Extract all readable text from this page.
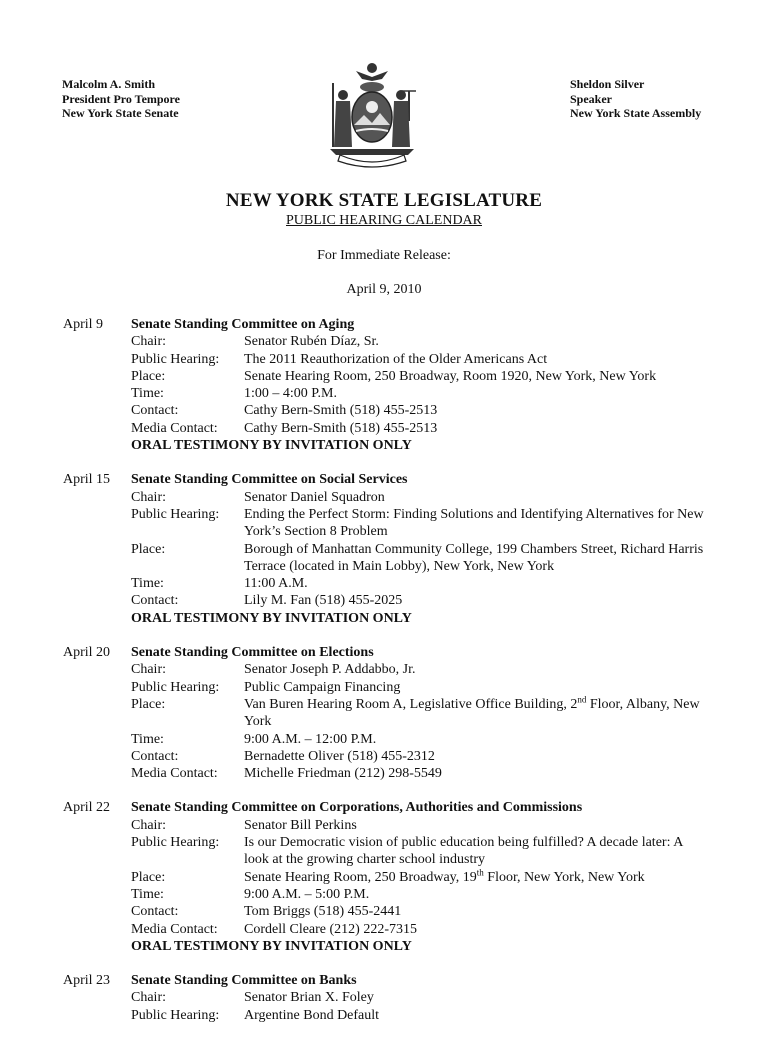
Malcolm A. Smith
President Pro Tempore
New York State Senate
Sheldon Silver
Speaker
New York State Assembly
NEW YORK STATE LEGISLATURE
PUBLIC HEARING CALENDAR
For Immediate Release:
April 9, 2010
April 9 Senate Standing Committee on Aging
Chair:	Senator Rubén Díaz, Sr.
Public Hearing:	The 2011 Reauthorization of the Older Americans Act
Place:	Senate Hearing Room, 250 Broadway, Room 1920, New York, New York
Time:	1:00 – 4:00 P.M.
Contact:	Cathy Bern-Smith (518) 455-2513
Media Contact:	Cathy Bern-Smith (518) 455-2513
ORAL TESTIMONY BY INVITATION ONLY
April 15 Senate Standing Committee on Social Services
Chair:	Senator Daniel Squadron
Public Hearing:	Ending the Perfect Storm: Finding Solutions and Identifying Alternatives for New York’s Section 8 Problem
Place:	Borough of Manhattan Community College, 199 Chambers Street, Richard Harris Terrace (located in Main Lobby), New York, New York
Time:	11:00 A.M.
Contact:	Lily M. Fan (518) 455-2025
ORAL TESTIMONY BY INVITATION ONLY
April 20 Senate Standing Committee on Elections
Chair:	Senator Joseph P. Addabbo, Jr.
Public Hearing:	Public Campaign Financing
Place:	Van Buren Hearing Room A, Legislative Office Building, 2nd Floor, Albany, New York
Time:	9:00 A.M. – 12:00 P.M.
Contact:	Bernadette Oliver (518) 455-2312
Media Contact:	Michelle Friedman (212) 298-5549
April 22 Senate Standing Committee on Corporations, Authorities and Commissions
Chair:	Senator Bill Perkins
Public Hearing:	Is our Democratic vision of public education being fulfilled? A decade later: A look at the growing charter school industry
Place:	Senate Hearing Room, 250 Broadway, 19th Floor, New York, New York
Time:	9:00 A.M. – 5:00 P.M.
Contact:	Tom Briggs (518) 455-2441
Media Contact:	Cordell Cleare (212) 222-7315
ORAL TESTIMONY BY INVITATION ONLY
April 23 Senate Standing Committee on Banks
Chair:	Senator Brian X. Foley
Public Hearing:	Argentine Bond Default
